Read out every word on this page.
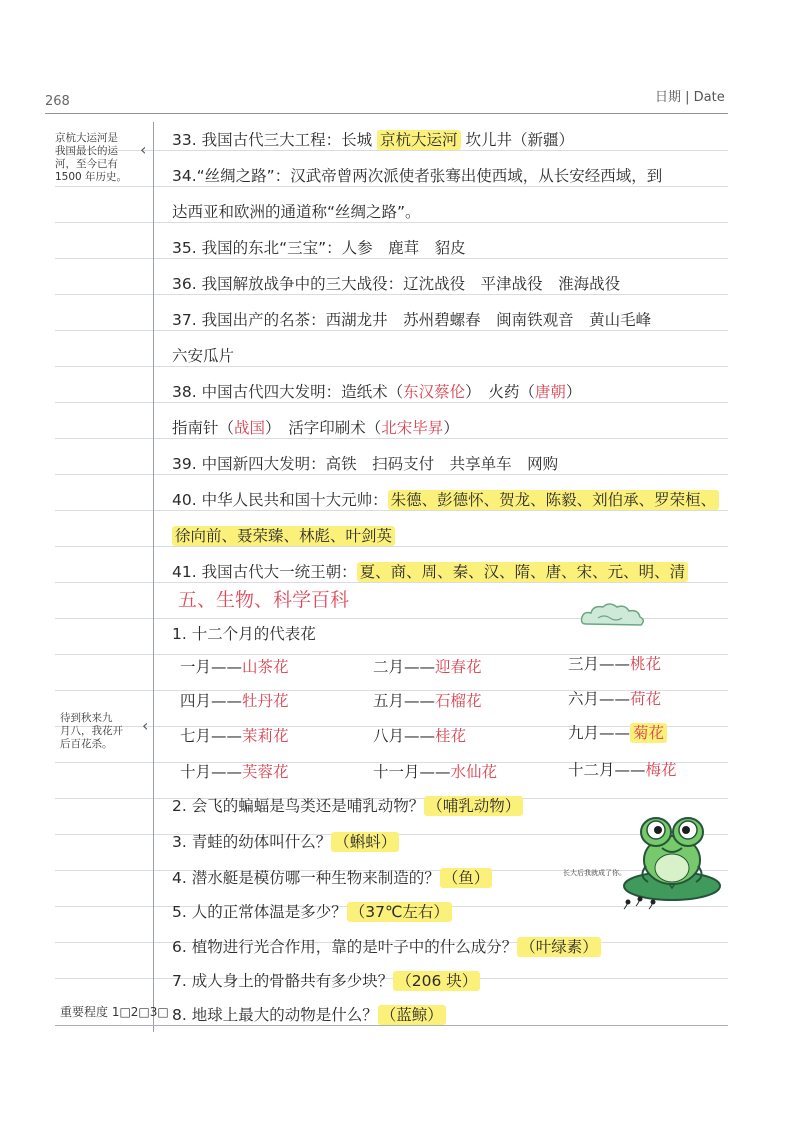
268	日期 | Date
京杭大运河是
我国最长的运
河，至今已有
1500 年历史。
‹
待到秋来九
月八，我花开
后百花杀。
‹
33. 我国古代三大工程：长城 京杭大运河 坎儿井（新疆）
34.“丝绸之路”：汉武帝曾两次派使者张骞出使西域，从长安经西域，到
达西亚和欧洲的通道称“丝绸之路”。
35. 我国的东北“三宝”：人参　鹿茸　貂皮
36. 我国解放战争中的三大战役：辽沈战役　平津战役　淮海战役
37. 我国出产的名茶：西湖龙井　苏州碧螺春　闽南铁观音　黄山毛峰
六安瓜片
38. 中国古代四大发明：造纸术（东汉蔡伦）　火药（唐朝）
指南针（战国）　活字印刷术（北宋毕昇）
39. 中国新四大发明：高铁　扫码支付　共享单车　网购
40. 中华人民共和国十大元帅： 朱德、彭德怀、贺龙、陈毅、刘伯承、罗荣桓、
徐向前、聂荣臻、林彪、叶剑英
41. 我国古代大一统王朝： 夏、商、周、秦、汉、隋、唐、宋、元、明、清
五、生物、科学百科
1. 十二个月的代表花
一月——山茶花	二月——迎春花	三月——桃花
四月——牡丹花	五月——石榴花	六月——荷花
七月——茉莉花	八月——桂花	九月—— 菊花
十月——芙蓉花	十一月——水仙花	十二月——梅花
2. 会飞的蝙蝠是鸟类还是哺乳动物？ （哺乳动物）
3. 青蛙的幼体叫什么？ （蝌蚪）
4. 潜水艇是模仿哪一种生物来制造的？ （鱼）
5. 人的正常体温是多少？ （37℃左右）
6. 植物进行光合作用，靠的是叶子中的什么成分？ （叶绿素）
7. 成人身上的骨骼共有多少块？ （206 块）
8. 地球上最大的动物是什么？ （蓝鲸）
长大后我就成了你。
重要程度 1□2□3□
